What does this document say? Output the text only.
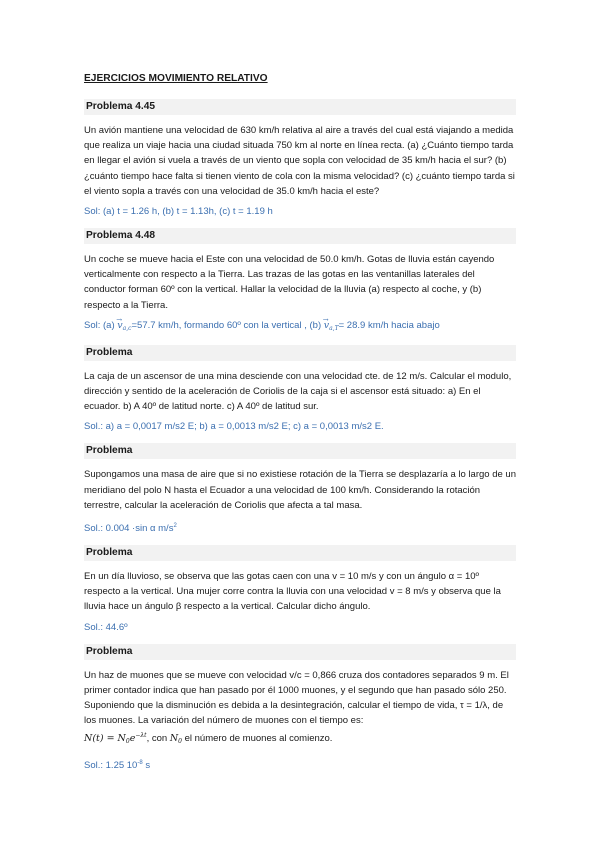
EJERCICIOS MOVIMIENTO RELATIVO
Problema 4.45

Un avión mantiene una velocidad de 630 km/h relativa al aire a través del cual está viajando a medida que realiza un viaje hacia una ciudad situada 750 km al norte en línea recta. (a) ¿Cuánto tiempo tarda en llegar el avión si vuela a través de un viento que sopla con velocidad de 35 km/h hacia el sur? (b) ¿cuánto tiempo hace falta si tienen viento de cola con la misma velocidad? (c) ¿cuánto tiempo tarda si el viento sopla a través con una velocidad de 35.0 km/h hacia el este?

Sol: (a) t = 1.26 h, (b) t = 1.13h, (c) t = 1.19 h

Problema 4.48

Un coche se mueve hacia el Este con una velocidad de 50.0 km/h. Gotas de lluvia están cayendo verticalmente con respecto a la Tierra. Las trazas de las gotas en las ventanillas laterales del conductor forman 60º con la vertical. Hallar la velocidad de la lluvia (a) respecto al coche, y (b) respecto a la Tierra.

Sol: $(a) \to v_{a,c}=57.7$ km/h, formando 60º con la vertical , $(b) \to v_{a,T}= 28.9$ km/h hacia abajo

Problema

La caja de un ascensor de una mina desciende con una velocidad cte. de 12 m/s. Calcular el modulo, dirección y sentido de la aceleración de Coriolis de la caja si el ascensor está situado: a) En el ecuador. b) A 40º de latitud norte. c) A 40º de latitud sur.

Sol.: a) a = 0,0017 m/s2 E; b) a = 0,0013 m/s2 E; c) a = 0,0013 m/s2 E.

Problema

Supongamos una masa de aire que si no existiese rotación de la Tierra se desplazaría a lo largo de un meridiano del polo N hasta el Ecuador a una velocidad de 100 km/h. Considerando la rotación terrestre, calcular la aceleración de Coriolis que afecta a tal masa.

Sol.: 0.004 ·sin α $m/s^2$

Problema

En un día lluvioso, se observa que las gotas caen con una v = 10 m/s y con un ángulo α = 10º respecto a la vertical. Una mujer corre contra la lluvia con una velocidad v = 8 m/s y observa que la lluvia hace un ángulo β respecto a la vertical. Calcular dicho ángulo.

Sol.: 44.6º

Problema

Un haz de muones que se mueve con velocidad v/c = 0,866 cruza dos contadores separados 9 m. El primer contador indica que han pasado por él 1000 muones, y el segundo que han pasado sólo 250. Suponiendo que la disminución es debida a la desintegración, calcular el tiempo de vida, τ = 1/λ, de los muones. La variación del número de muones con el tiempo es:
$N(t) = N_0e^{-\lambda t}$, con $N_0$ el número de muones al comienzo.

Sol.: 1.25 $10^{-8}$ s
